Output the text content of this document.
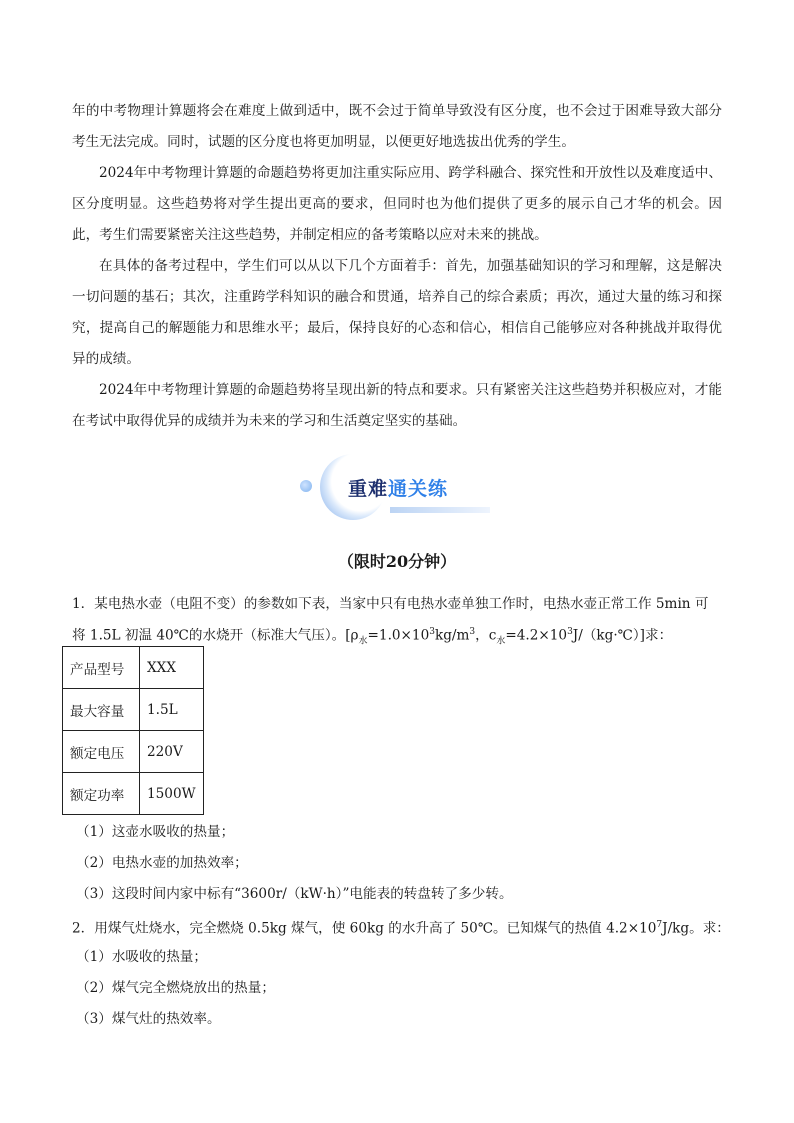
年的中考物理计算题将会在难度上做到适中，既不会过于简单导致没有区分度，也不会过于困难导致大部分考生无法完成。同时，试题的区分度也将更加明显，以便更好地选拔出优秀的学生。

2024年中考物理计算题的命题趋势将更加注重实际应用、跨学科融合、探究性和开放性以及难度适中、区分度明显。这些趋势将对学生提出更高的要求，但同时也为他们提供了更多的展示自己才华的机会。因此，考生们需要紧密关注这些趋势，并制定相应的备考策略以应对未来的挑战。

在具体的备考过程中，学生们可以从以下几个方面着手：首先，加强基础知识的学习和理解，这是解决一切问题的基石；其次，注重跨学科知识的融合和贯通，培养自己的综合素质；再次，通过大量的练习和探究，提高自己的解题能力和思维水平；最后，保持良好的心态和信心，相信自己能够应对各种挑战并取得优异的成绩。

2024年中考物理计算题的命题趋势将呈现出新的特点和要求。只有紧密关注这些趋势并积极应对，才能在考试中取得优异的成绩并为未来的学习和生活奠定坚实的基础。

重难通关练
（限时20分钟）

1．某电热水壶（电阻不变）的参数如下表，当家中只有电热水壶单独工作时，电热水壶正常工作 5min 可

将 1.5L 初温 40℃的水烧开（标准大气压）。[$\rho_水=1.0\times 10^3kg/m^3$，$c_水=4.2\times 10^3J/(kg\cdot℃)$]求：

产品型号	XXX
最大容量	1.5L
额定电压	220V
额定功率	1500W

（1）这壶水吸收的热量；

（2）电热水壶的加热效率；

（3）这段时间内家中标有“3600r/（kW·h）”电能表的转盘转了多少转。

2．用煤气灶烧水，完全燃烧 0.5kg 煤气，使 60kg 的水升高了 50℃。已知煤气的热值 $4.2\times 10^7J/kg$。求：

（1）水吸收的热量；

（2）煤气完全燃烧放出的热量；

（3）煤气灶的热效率。
